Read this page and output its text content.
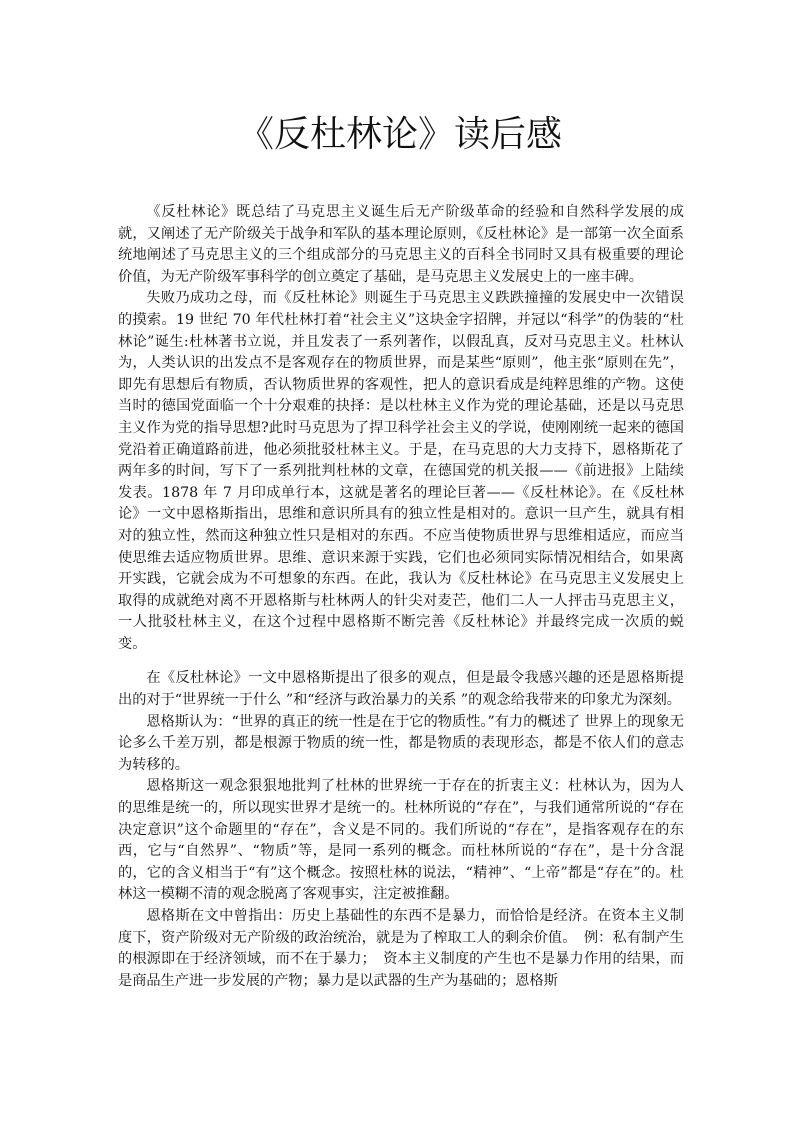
《反杜林论》读后感

《反杜林论》既总结了马克思主义诞生后无产阶级革命的经验和自然科学发展的成就，又阐述了无产阶级关于战争和军队的基本理论原则，《反杜林论》是一部第一次全面系统地阐述了马克思主义的三个组成部分的马克思主义的百科全书同时又具有极重要的理论价值，为无产阶级军事科学的创立奠定了基础，是马克思主义发展史上的一座丰碑。

失败乃成功之母，而《反杜林论》则诞生于马克思主义跌跌撞撞的发展史中一次错误的摸索。19 世纪 70 年代杜林打着“社会主义”这块金字招牌，并冠以“科学”的伪装的“杜林论”诞生:杜林著书立说，并且发表了一系列著作，以假乱真，反对马克思主义。杜林认为，人类认识的出发点不是客观存在的物质世界，而是某些“原则”，他主张“原则在先”，即先有思想后有物质，否认物质世界的客观性，把人的意识看成是纯粹思维的产物。这使当时的德国党面临一个十分艰难的抉择：是以杜林主义作为党的理论基础，还是以马克思主义作为党的指导思想?此时马克思为了捍卫科学社会主义的学说，使刚刚统一起来的德国党沿着正确道路前进，他必须批驳杜林主义。于是，在马克思的大力支持下，恩格斯花了两年多的时间，写下了一系列批判杜林的文章，在德国党的机关报——《前进报》上陆续发表。1878 年 7 月印成单行本，这就是著名的理论巨著——《反杜林论》。在《反杜林论》一文中恩格斯指出，思维和意识所具有的独立性是相对的。意识一旦产生，就具有相对的独立性，然而这种独立性只是相对的东西。不应当使物质世界与思维相适应，而应当使思维去适应物质世界。思维、意识来源于实践，它们也必须同实际情况相结合，如果离开实践，它就会成为不可想象的东西。在此，我认为《反杜林论》在马克思主义发展史上取得的成就绝对离不开恩格斯与杜林两人的针尖对麦芒，他们二人一人抨击马克思主义，一人批驳杜林主义，在这个过程中恩格斯不断完善《反杜林论》并最终完成一次质的蜕变。

在《反杜林论》一文中恩格斯提出了很多的观点，但是最令我感兴趣的还是恩格斯提出的对于“世界统一于什么 ”和“经济与政治暴力的关系 ”的观念给我带来的印象尤为深刻。

恩格斯认为：“世界的真正的统一性是在于它的物质性。”有力的概述了 世界上的现象无论多么千差万别，都是根源于物质的统一性，都是物质的表现形态，都是不依人们的意志为转移的。

恩格斯这一观念狠狠地批判了杜林的世界统一于存在的折衷主义：杜林认为，因为人的思维是统一的，所以现实世界才是统一的。杜林所说的“存在”，与我们通常所说的“存在决定意识”这个命题里的“存在”，含义是不同的。我们所说的“存在”，是指客观存在的东西，它与“自然界”、“物质”等，是同一系列的概念。而杜林所说的“存在”，是十分含混的，它的含义相当于“有”这个概念。按照杜林的说法，“精神”、“上帝”都是“存在”的。杜林这一模糊不清的观念脱离了客观事实，注定被推翻。

恩格斯在文中曾指出：历史上基础性的东西不是暴力，而恰恰是经济。在资本主义制度下，资产阶级对无产阶级的政治统治，就是为了榨取工人的剩余价值。　例：私有制产生的根源即在于经济领域，而不在于暴力；　资本主义制度的产生也不是暴力作用的结果，而是商品生产进一步发展的产物；暴力是以武器的生产为基础的；恩格斯
